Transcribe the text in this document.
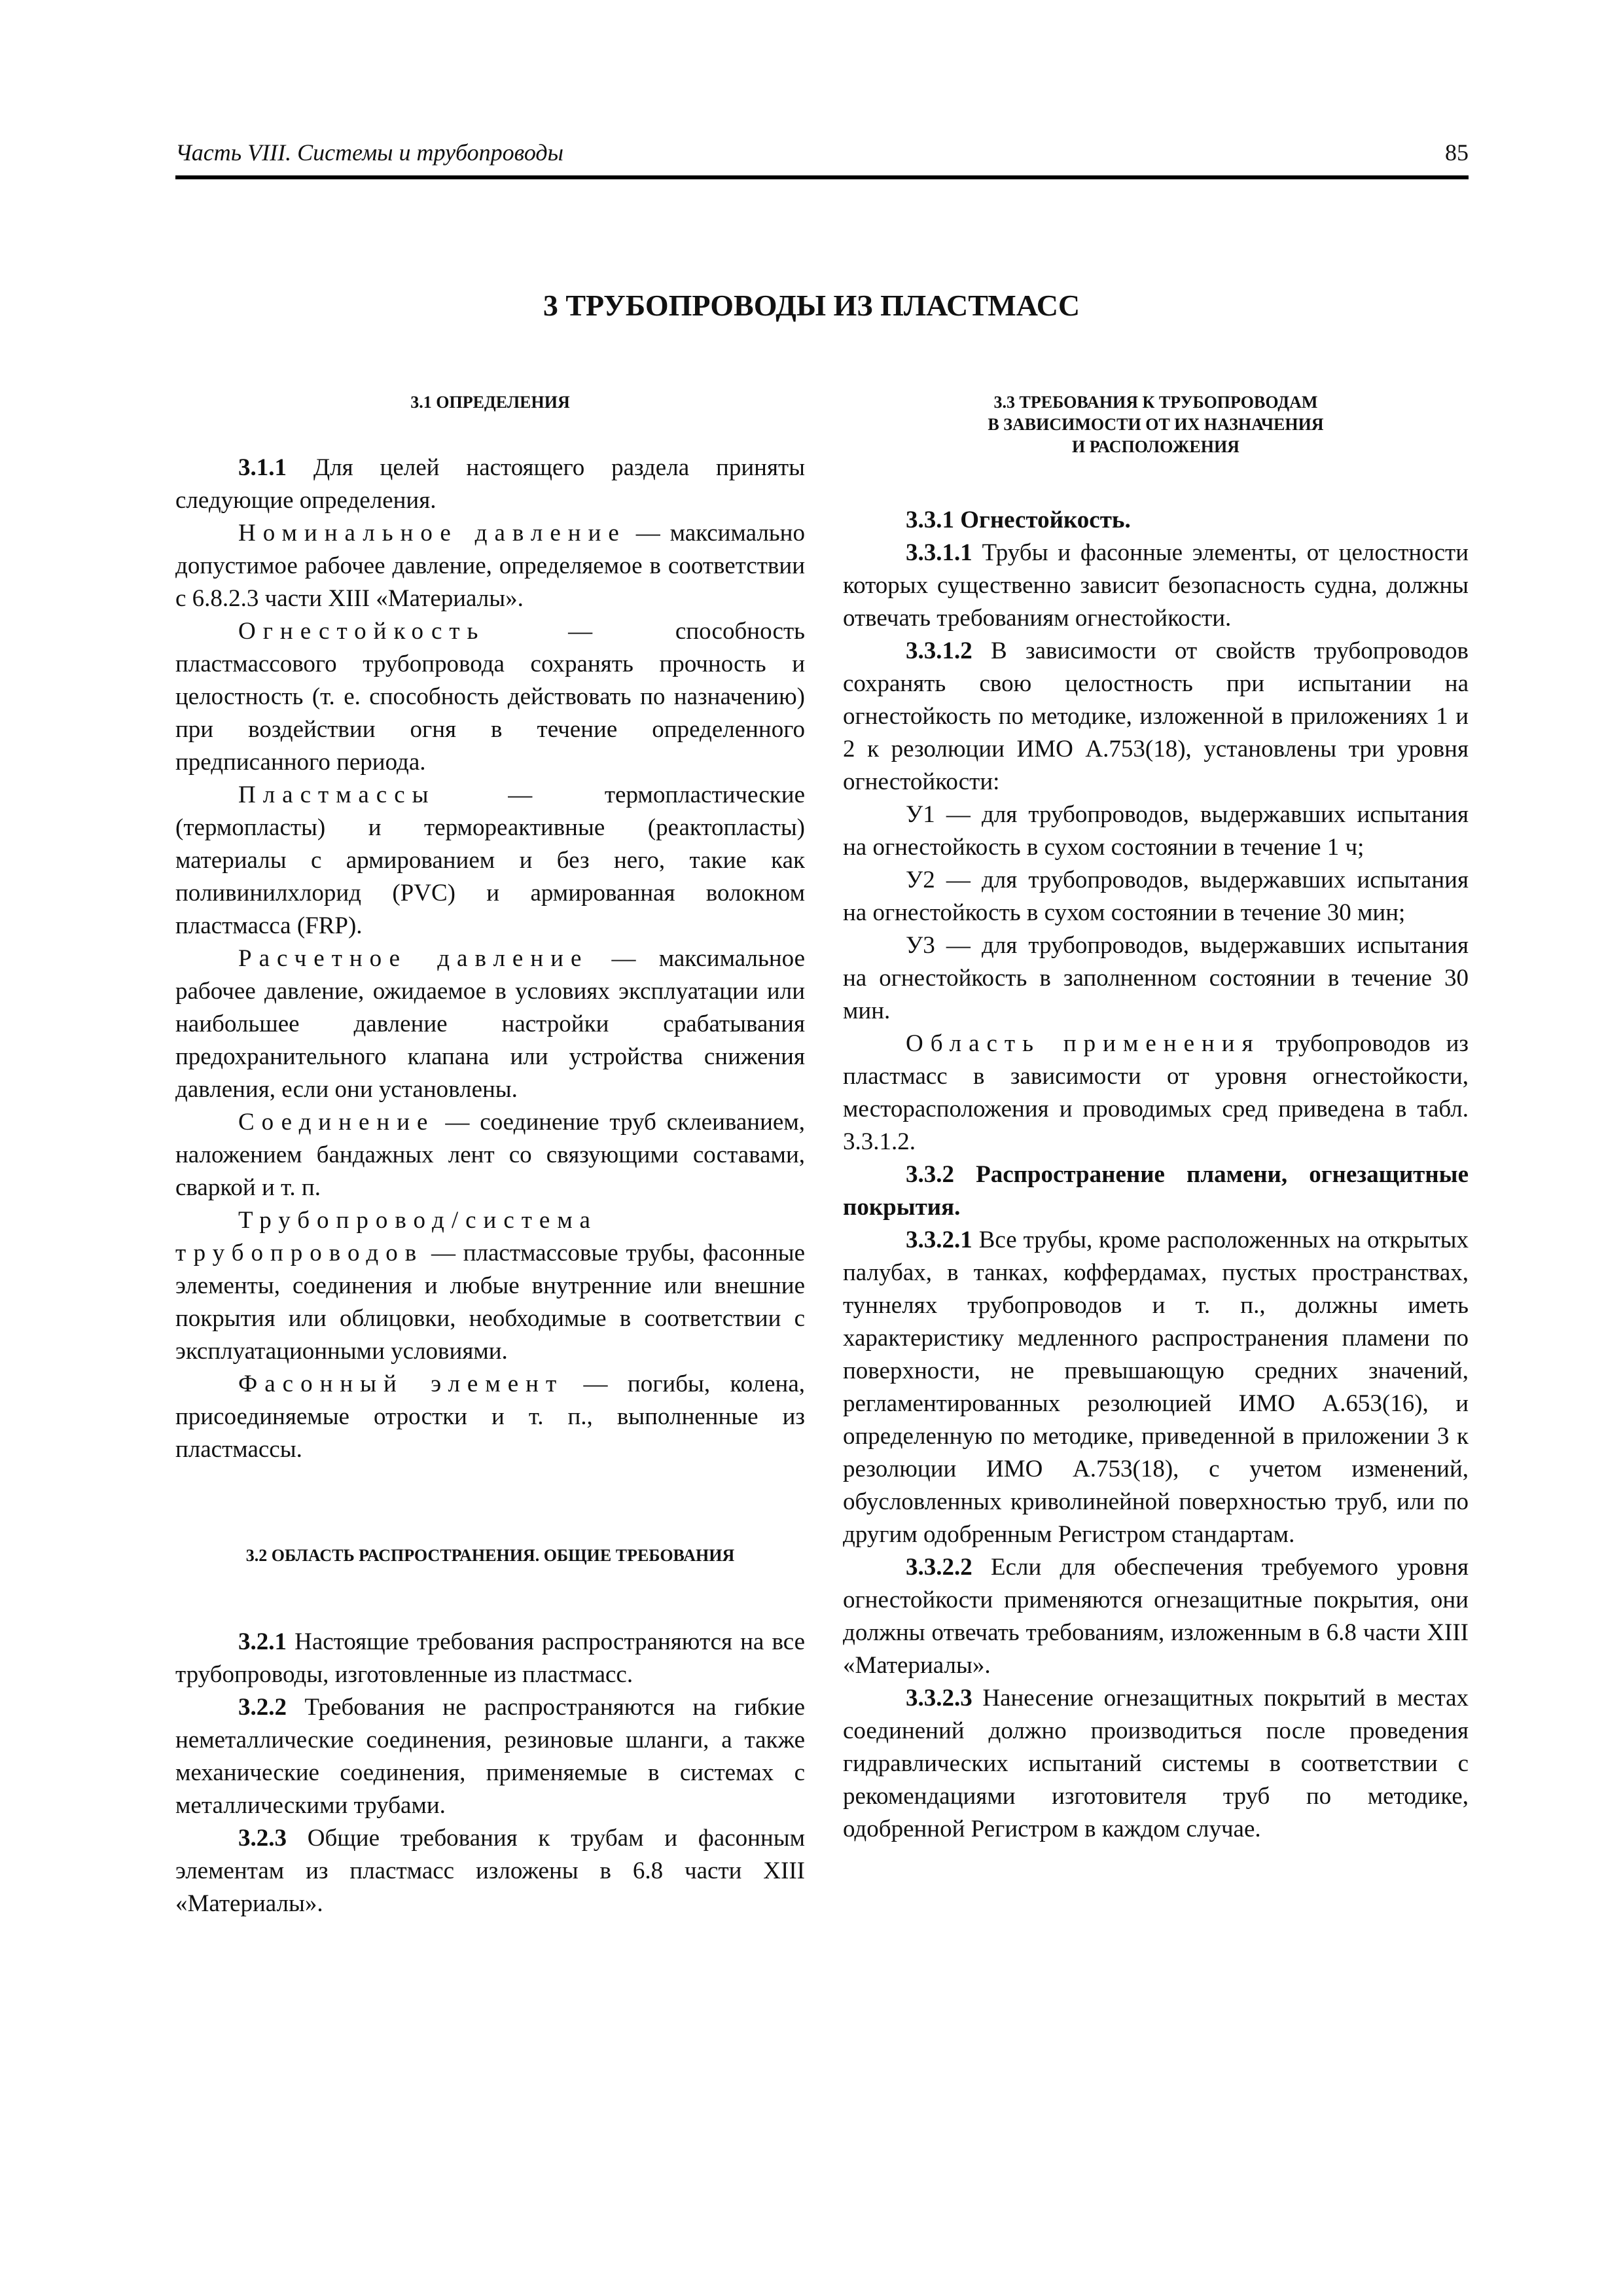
Часть VIII. Системы и трубопроводы	85
3 ТРУБОПРОВОДЫ ИЗ ПЛАСТМАСС
3.1 ОПРЕДЕЛЕНИЯ

3.1.1 Для целей настоящего раздела приняты следующие определения.

Номинальное давление — максимально допустимое рабочее давление, определяемое в соответствии с 6.8.2.3 части XIII «Материалы».

Огнестойкость — способность пластмассового трубопровода сохранять прочность и целостность (т. е. способность действовать по назначению) при воздействии огня в течение определенного предписанного периода.

Пластмассы — термопластические (термопласты) и термореактивные (реактопласты) материалы с армированием и без него, такие как поливинилхлорид (PVC) и армированная волокном пластмасса (FRP).

Расчетное давление — максимальное рабочее давление, ожидаемое в условиях эксплуатации или наибольшее давление настройки срабатывания предохранительного клапана или устройства снижения давления, если они установлены.

Соединение — соединение труб склеиванием, наложением бандажных лент со связующими составами, сваркой и т. п.

Трубопровод/система трубопроводов — пластмассовые трубы, фасонные элементы, соединения и любые внутренние или внешние покрытия или облицовки, необходимые в соответствии с эксплуатационными условиями.

Фасонный элемент — погибы, колена, присоединяемые отростки и т. п., выполненные из пластмассы.

3.2 ОБЛАСТЬ РАСПРОСТРАНЕНИЯ. ОБЩИЕ ТРЕБОВАНИЯ

3.2.1 Настоящие требования распространяются на все трубопроводы, изготовленные из пластмасс.

3.2.2 Требования не распространяются на гибкие неметаллические соединения, резиновые шланги, а также механические соединения, применяемые в системах с металлическими трубами.

3.2.3 Общие требования к трубам и фасонным элементам из пластмасс изложены в 6.8 части XIII «Материалы».

3.3 ТРЕБОВАНИЯ К ТРУБОПРОВОДАМ
В ЗАВИСИМОСТИ ОТ ИХ НАЗНАЧЕНИЯ
И РАСПОЛОЖЕНИЯ

3.3.1 Огнестойкость.

3.3.1.1 Трубы и фасонные элементы, от целостности которых существенно зависит безопасность судна, должны отвечать требованиям огнестойкости.

3.3.1.2 В зависимости от свойств трубопроводов сохранять свою целостность при испытании на огнестойкость по методике, изложенной в приложениях 1 и 2 к резолюции ИМО А.753(18), установлены три уровня огнестойкости:

У1 — для трубопроводов, выдержавших испытания на огнестойкость в сухом состоянии в течение 1 ч;

У2 — для трубопроводов, выдержавших испытания на огнестойкость в сухом состоянии в течение 30 мин;

У3 — для трубопроводов, выдержавших испытания на огнестойкость в заполненном состоянии в течение 30 мин.

Область применения трубопроводов из пластмасс в зависимости от уровня огнестойкости, месторасположения и проводимых сред приведена в табл. 3.3.1.2.

3.3.2 Распространение пламени, огнезащитные покрытия.

3.3.2.1 Все трубы, кроме расположенных на открытых палубах, в танках, коффердамах, пустых пространствах, туннелях трубопроводов и т. п., должны иметь характеристику медленного распространения пламени по поверхности, не превышающую средних значений, регламентированных резолюцией ИМО А.653(16), и определенную по методике, приведенной в приложении 3 к резолюции ИМО А.753(18), с учетом изменений, обусловленных криволинейной поверхностью труб, или по другим одобренным Регистром стандартам.

3.3.2.2 Если для обеспечения требуемого уровня огнестойкости применяются огнезащитные покрытия, они должны отвечать требованиям, изложенным в 6.8 части XIII «Материалы».

3.3.2.3 Нанесение огнезащитных покрытий в местах соединений должно производиться после проведения гидравлических испытаний системы в соответствии с рекомендациями изготовителя труб по методике, одобренной Регистром в каждом случае.
